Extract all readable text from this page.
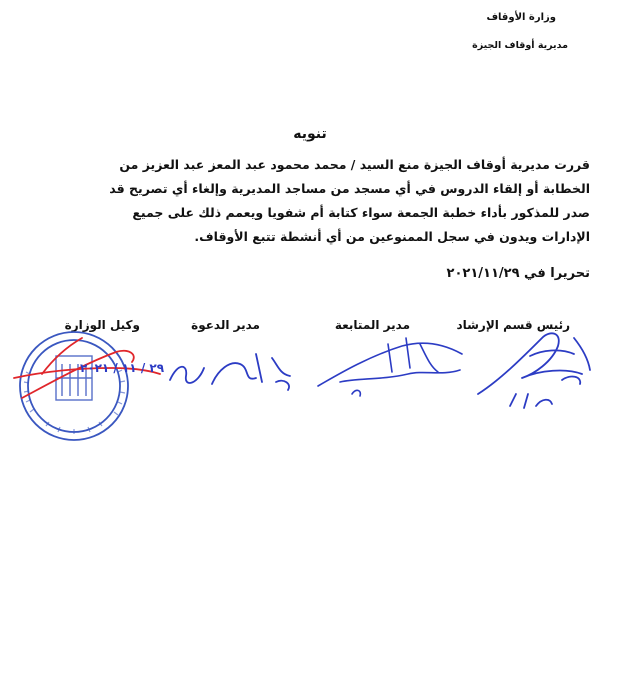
وزارة الأوقاف
مديرية أوقاف الجيزة
تنويه
قررت مديرية أوقاف الجيزة منع السيد / محمد محمود عبد المعز عبد العزيز من
الخطابة أو إلقاء الدروس في أي مسجد من مساجد المديرية وإلغاء أي تصريح قد
صدر للمذكور بأداء خطبة الجمعة سواء كتابة أم شفويا ويعمم ذلك على جميع
الإدارات ويدون في سجل الممنوعين من أي أنشطة تتبع الأوقاف.
تحريرا في ٢٠٢١/١١/٢٩
رئيس قسم الإرشاد
مدير المتابعة
مدير الدعوة
وكيل الوزارة
٢٩ / ١١ / ٢٠٢١
